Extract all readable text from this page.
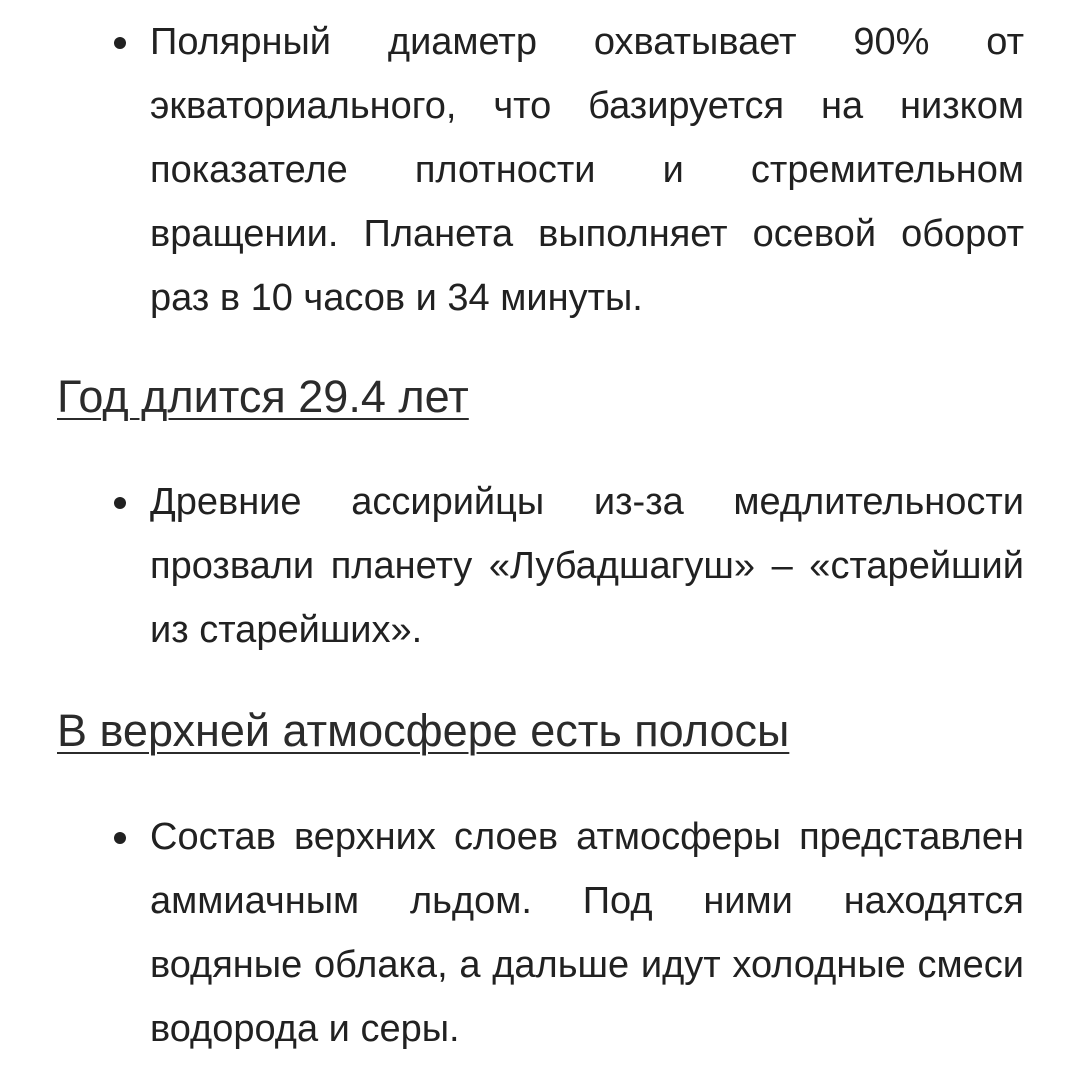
Полярный диаметр охватывает 90% от экваториального, что базируется на низком показателе плотности и стремительном вращении. Планета выполняет осевой оборот раз в 10 часов и 34 минуты.
Год длится 29.4 лет
Древние ассирийцы из-за медлительности прозвали планету «Лубадшагуш» – «старейший из старейших».
В верхней атмосфере есть полосы
Состав верхних слоев атмосферы представлен аммиачным льдом. Под ними находятся водяные облака, а дальше идут холодные смеси водорода и серы.
